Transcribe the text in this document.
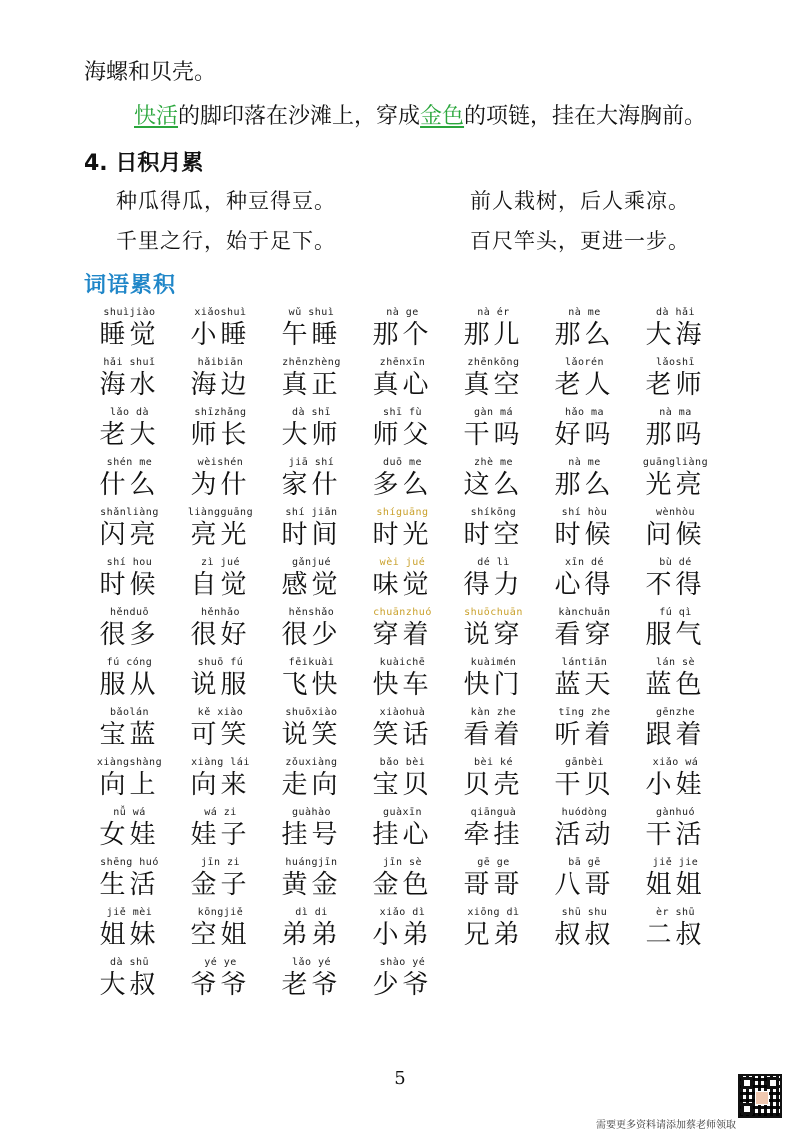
海螺和贝壳。
快活的脚印落在沙滩上，穿成金色的项链，挂在大海胸前。
4. 日积月累
种瓜得瓜，种豆得豆。	前人栽树，后人乘凉。
千里之行，始于足下。	百尺竿头，更进一步。
词语累积
shuìjiào
睡觉
xiǎoshuì
小睡
wǔ shuì
午睡
nà ge
那个
nà ér
那儿
nà me
那么
dà hǎi
大海
hǎi shuǐ
海水
hǎibiān
海边
zhēnzhèng
真正
zhēnxīn
真心
zhēnkōng
真空
lǎorén
老人
lǎoshī
老师
lǎo dà
老大
shīzhǎng
师长
dà shī
大师
shī fù
师父
gàn má
干吗
hǎo ma
好吗
nà ma
那吗
shén me
什么
wèishén
为什
jiā shí
家什
duō me
多么
zhè me
这么
nà me
那么
guāngliàng
光亮
shǎnliàng
闪亮
liàngguāng
亮光
shí jiān
时间
shíguāng
时光
shíkōng
时空
shí hòu
时候
wènhòu
问候
shí hou
时候
zì jué
自觉
gǎnjué
感觉
wèi jué
味觉
dé lì
得力
xīn dé
心得
bù dé
不得
hěnduō
很多
hěnhǎo
很好
hěnshǎo
很少
chuānzhuó
穿着
shuōchuān
说穿
kànchuān
看穿
fú qì
服气
fú cóng
服从
shuō fú
说服
fēikuài
飞快
kuàichē
快车
kuàimén
快门
lántiān
蓝天
lán sè
蓝色
bǎolán
宝蓝
kě xiào
可笑
shuōxiào
说笑
xiàohuà
笑话
kàn zhe
看着
tīng zhe
听着
gēnzhe
跟着
xiàngshàng
向上
xiàng lái
向来
zǒuxiàng
走向
bǎo bèi
宝贝
bèi ké
贝壳
gānbèi
干贝
xiǎo wá
小娃
nǚ wá
女娃
wá zi
娃子
guàhào
挂号
guàxīn
挂心
qiānguà
牵挂
huódòng
活动
gànhuó
干活
shēng huó
生活
jīn zi
金子
huángjīn
黄金
jīn sè
金色
gē ge
哥哥
bā gē
八哥
jiě jie
姐姐
jiě mèi
姐妹
kōngjiě
空姐
dì di
弟弟
xiǎo dì
小弟
xiōng dì
兄弟
shū shu
叔叔
èr shū
二叔
dà shū
大叔
yé ye
爷爷
lǎo yé
老爷
shào yé
少爷
5
需要更多资料请添加蔡老师领取
